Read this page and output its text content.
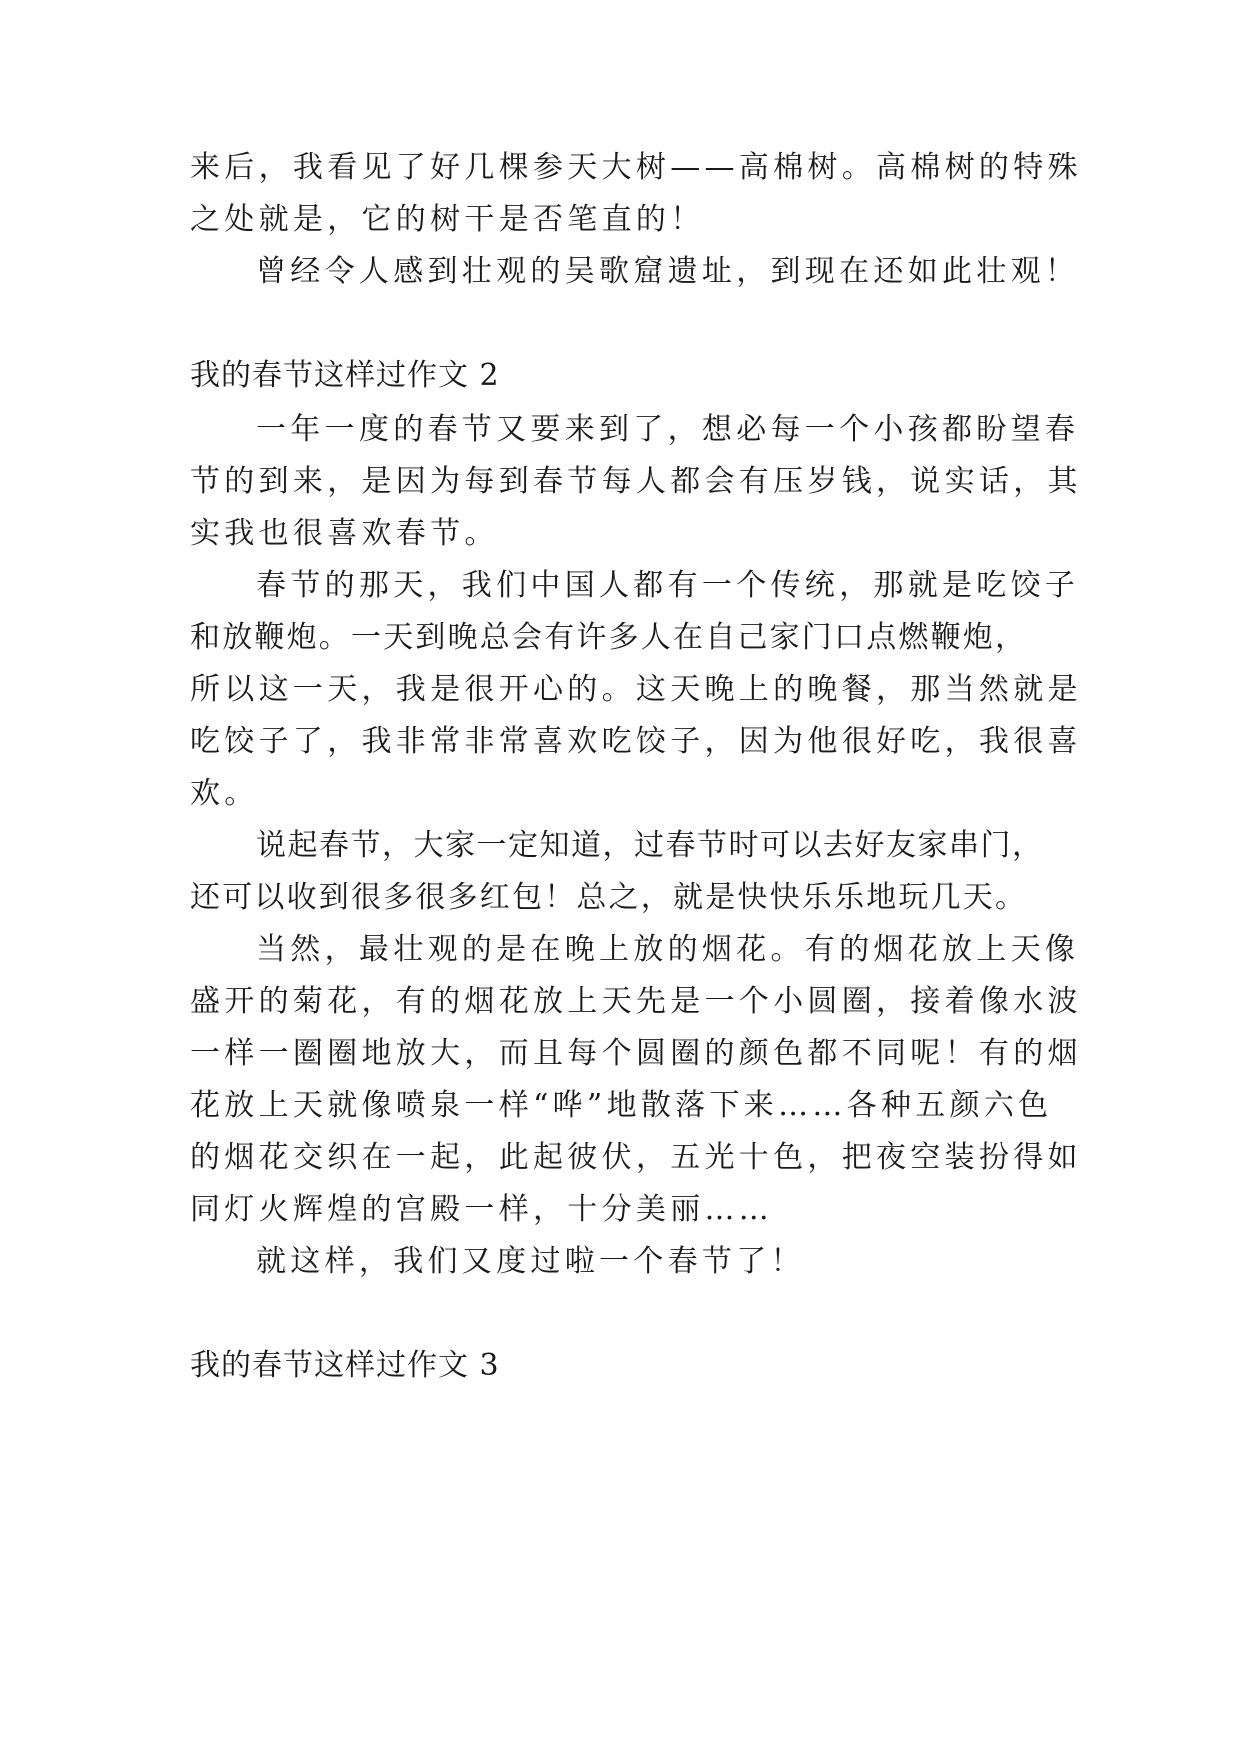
来后，我看见了好几棵参天大树——高棉树。高棉树的特殊
之处就是，它的树干是否笔直的！
曾经令人感到壮观的吴歌窟遗址，到现在还如此壮观！
我的春节这样过作文 2
一年一度的春节又要来到了，想必每一个小孩都盼望春
节的到来，是因为每到春节每人都会有压岁钱，说实话，其
实我也很喜欢春节。
春节的那天，我们中国人都有一个传统，那就是吃饺子
和放鞭炮。一天到晚总会有许多人在自己家门口点燃鞭炮，
所以这一天，我是很开心的。这天晚上的晚餐，那当然就是
吃饺子了，我非常非常喜欢吃饺子，因为他很好吃，我很喜
欢。
说起春节，大家一定知道，过春节时可以去好友家串门，
还可以收到很多很多红包！总之，就是快快乐乐地玩几天。
当然，最壮观的是在晚上放的烟花。有的烟花放上天像
盛开的菊花，有的烟花放上天先是一个小圆圈，接着像水波
一样一圈圈地放大，而且每个圆圈的颜色都不同呢！有的烟
花放上天就像喷泉一样“哗”地散落下来……各种五颜六色
的烟花交织在一起，此起彼伏，五光十色，把夜空装扮得如
同灯火辉煌的宫殿一样，十分美丽……
就这样，我们又度过啦一个春节了！
我的春节这样过作文 3
